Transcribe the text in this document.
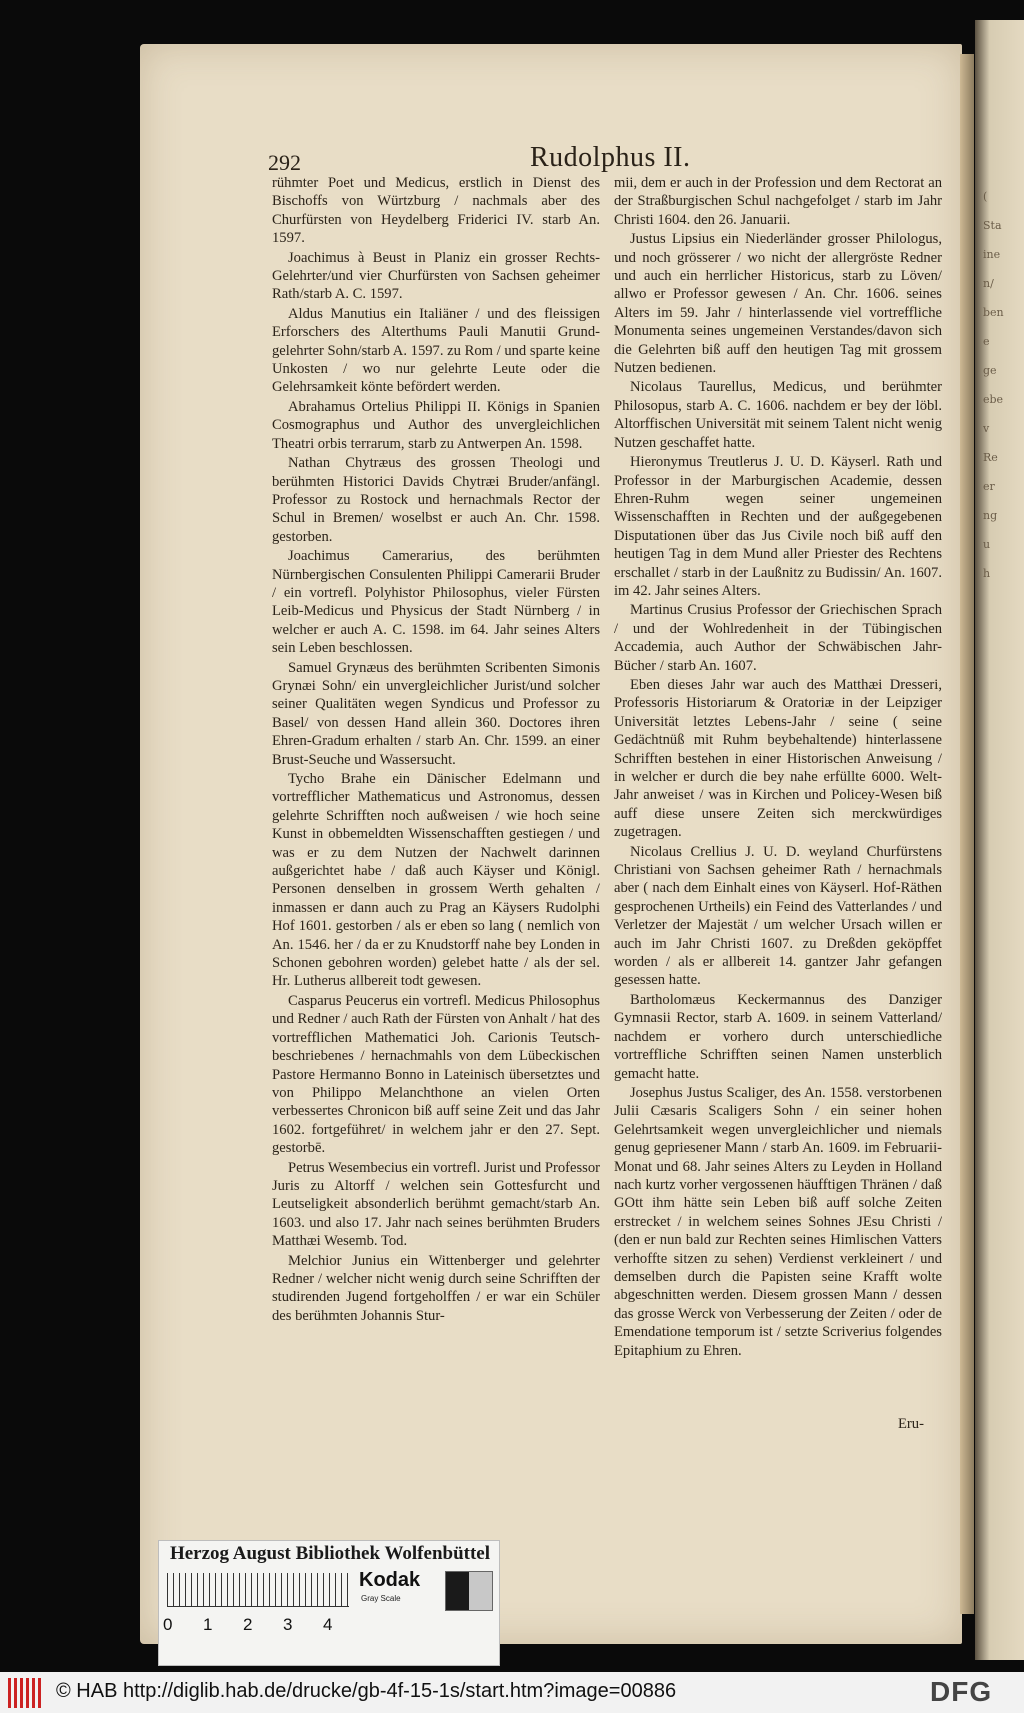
(
Sta
ine
n/
ben
e
ge
ebe
v
Re
er
ng
u
h
292	Rudolphus II.

rühmter Poet und Medicus, erstlich in Dienst des Bischoffs von Würtzburg / nachmals aber des Churfürsten von Heydelberg Friderici IV. starb An. 1597.

Joachimus à Beust in Planiz ein grosser Rechts-Gelehrter/und vier Churfürsten von Sachsen geheimer Rath/starb A. C. 1597.

Aldus Manutius ein Italiäner / und des fleissigen Erforschers des Alterthums Pauli Manutii Grund-gelehrter Sohn/starb A. 1597. zu Rom / und sparte keine Unkosten / wo nur gelehrte Leute oder die Gelehrsamkeit könte befördert werden.

Abrahamus Ortelius Philippi II. Königs in Spanien Cosmographus und Author des unvergleichlichen Theatri orbis terrarum, starb zu Antwerpen An. 1598.

Nathan Chytræus des grossen Theologi und berühmten Historici Davids Chytræi Bruder/anfängl. Professor zu Rostock und hernachmals Rector der Schul in Bremen/ woselbst er auch An. Chr. 1598. gestorben.

Joachimus Camerarius, des berühmten Nürnbergischen Consulenten Philippi Camerarii Bruder / ein vortrefl. Polyhistor Philosophus, vieler Fürsten Leib-Medicus und Physicus der Stadt Nürnberg / in welcher er auch A. C. 1598. im 64. Jahr seines Alters sein Leben beschlossen.

Samuel Grynæus des berühmten Scribenten Simonis Grynæi Sohn/ ein unvergleichlicher Jurist/und solcher seiner Qualitäten wegen Syndicus und Professor zu Basel/ von dessen Hand allein 360. Doctores ihren Ehren-Gradum erhalten / starb An. Chr. 1599. an einer Brust-Seuche und Wassersucht.

Tycho Brahe ein Dänischer Edelmann und vortrefflicher Mathematicus und Astronomus, dessen gelehrte Schrifften noch außweisen / wie hoch seine Kunst in obbemeldten Wissenschafften gestiegen / und was er zu dem Nutzen der Nachwelt darinnen außgerichtet habe / daß auch Käyser und Königl. Personen denselben in grossem Werth gehalten / inmassen er dann auch zu Prag an Käysers Rudolphi Hof 1601. gestorben / als er eben so lang ( nemlich von An. 1546. her / da er zu Knudstorff nahe bey Londen in Schonen gebohren worden) gelebet hatte / als der sel. Hr. Lutherus allbereit todt gewesen.

Casparus Peucerus ein vortrefl. Medicus Philosophus und Redner / auch Rath der Fürsten von Anhalt / hat des vortrefflichen Mathematici Joh. Carionis Teutsch-beschriebenes / hernachmahls von dem Lübeckischen Pastore Hermanno Bonno in Lateinisch übersetztes und von Philippo Melanchthone an vielen Orten verbessertes Chronicon biß auff seine Zeit und das Jahr 1602. fortgeführet/ in welchem jahr er den 27. Sept. gestorbē.

Petrus Wesembecius ein vortrefl. Jurist und Professor Juris zu Altorff / welchen sein Gottesfurcht und Leutseligkeit absonderlich berühmt gemacht/starb An. 1603. und also 17. Jahr nach seines berühmten Bruders Matthæi Wesemb. Tod.

Melchior Junius ein Wittenberger und gelehrter Redner / welcher nicht wenig durch seine Schrifften der studirenden Jugend fortgeholffen / er war ein Schüler des berühmten Johannis Stur-

mii, dem er auch in der Profession und dem Rectorat an der Straßburgischen Schul nachgefolget / starb im Jahr Christi 1604. den 26. Januarii.

Justus Lipsius ein Niederländer grosser Philologus, und noch grösserer / wo nicht der allergröste Redner und auch ein herrlicher Historicus, starb zu Löven/ allwo er Professor gewesen / An. Chr. 1606. seines Alters im 59. Jahr / hinterlassende viel vortreffliche Monumenta seines ungemeinen Verstandes/davon sich die Gelehrten biß auff den heutigen Tag mit grossem Nutzen bedienen.

Nicolaus Taurellus, Medicus, und berühmter Philosopus, starb A. C. 1606. nachdem er bey der löbl. Altorffischen Universität mit seinem Talent nicht wenig Nutzen geschaffet hatte.

Hieronymus Treutlerus J. U. D. Käyserl. Rath und Professor in der Marburgischen Academie, dessen Ehren-Ruhm wegen seiner ungemeinen Wissenschafften in Rechten und der außgegebenen Disputationen über das Jus Civile noch biß auff den heutigen Tag in dem Mund aller Priester des Rechtens erschallet / starb in der Laußnitz zu Budissin/ An. 1607. im 42. Jahr seines Alters.

Martinus Crusius Professor der Griechischen Sprach / und der Wohlredenheit in der Tübingischen Accademia, auch Author der Schwäbischen Jahr-Bücher / starb An. 1607.

Eben dieses Jahr war auch des Matthæi Dresseri, Professoris Historiarum & Oratoriæ in der Leipziger Universität letztes Lebens-Jahr / seine ( seine Gedächtnüß mit Ruhm beybehaltende) hinterlassene Schrifften bestehen in einer Historischen Anweisung / in welcher er durch die bey nahe erfüllte 6000. Welt-Jahr anweiset / was in Kirchen und Policey-Wesen biß auff diese unsere Zeiten sich merckwürdiges zugetragen.

Nicolaus Crellius J. U. D. weyland Churfürstens Christiani von Sachsen geheimer Rath / hernachmals aber ( nach dem Einhalt eines von Käyserl. Hof-Räthen gesprochenen Urtheils) ein Feind des Vatterlandes / und Verletzer der Majestät / um welcher Ursach willen er auch im Jahr Christi 1607. zu Dreßden geköpffet worden / als er allbereit 14. gantzer Jahr gefangen gesessen hatte.

Bartholomæus Keckermannus des Danziger Gymnasii Rector, starb A. 1609. in seinem Vatterland/ nachdem er vorhero durch unterschiedliche vortreffliche Schrifften seinen Namen unsterblich gemacht hatte.

Josephus Justus Scaliger, des An. 1558. verstorbenen Julii Cæsaris Scaligers Sohn / ein seiner hohen Gelehrtsamkeit wegen unvergleichlicher und niemals genug gepriesener Mann / starb An. 1609. im Februarii-Monat und 68. Jahr seines Alters zu Leyden in Holland nach kurtz vorher vergossenen häufftigen Thränen / daß GOtt ihm hätte sein Leben biß auff solche Zeiten erstrecket / in welchem seines Sohnes JEsu Christi / (den er nun bald zur Rechten seines Himlischen Vatters verhoffte sitzen zu sehen) Verdienst verkleinert / und demselben durch die Papisten seine Krafft wolte abgeschnitten werden. Diesem grossen Mann / dessen das grosse Werck von Verbesserung der Zeiten / oder de Emendatione temporum ist / setzte Scriverius folgendes Epitaphium zu Ehren.

Eru-
Herzog August Bibliothek Wolfenbüttel
0 1 2 3 4
Kodak
Gray Scale
© HAB http://diglib.hab.de/drucke/gb-4f-15-1s/start.htm?image=00886	DFG
